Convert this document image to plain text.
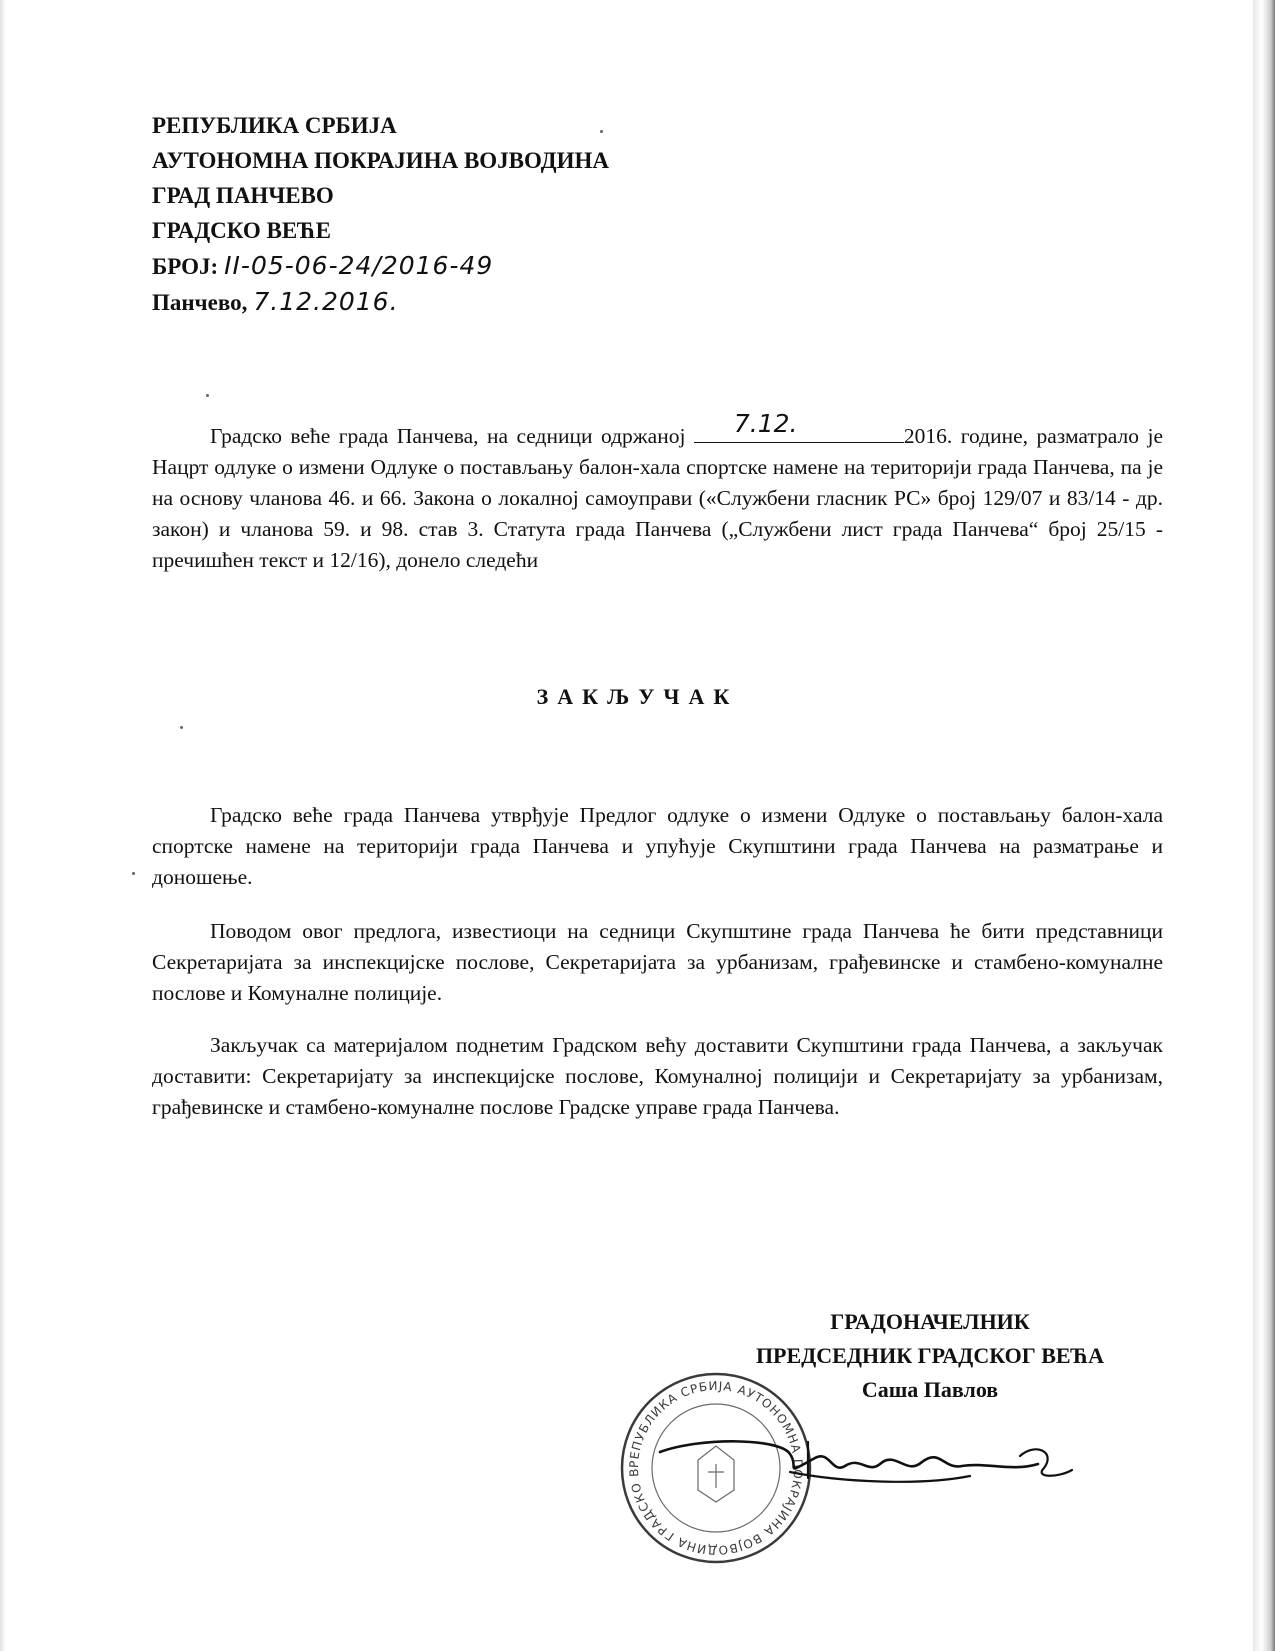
РЕПУБЛИКА СРБИЈА
АУТОНОМНА ПОКРАЈИНА ВОЈВОДИНА
ГРАД ПАНЧЕВО
ГРАДСКО ВЕЋЕ
БРОЈ: II-05-06-24/2016-49
Панчево, 7.12.2016.
Градско веће града Панчева, на седници одржаној 7.12.	2016. године, разматрало је Нацрт одлуке о измени Одлуке о постављању балон-хала спортске намене на територији града Панчева, па је на основу чланова 46. и 66. Закона о локалној самоуправи («Службени гласник РС» број 129/07 и 83/14 - др. закон) и чланова 59. и 98. став 3. Статута града Панчева („Службени лист града Панчева“ број 25/15 - пречишћен текст и 12/16), донело следећи
ЗАКЉУЧАК
Градско веће града Панчева утврђује Предлог одлуке о измени Одлуке о постављању балон-хала спортске намене на територији града Панчева и упућује Скупштини града Панчева на разматрање и доношење.
Поводом овог предлога, известиоци на седници Скупштине града Панчева ће бити представници Секретаријата за инспекцијске послове, Секретаријата за урбанизам, грађевинске и стамбено-комуналне послове и Комуналне полиције.
Закључак са материјалом поднетим Градском већу доставити Скупштини града Панчева, а закључак доставити: Секретаријату за инспекцијске послове, Комуналној полицији и Секретаријату за урбанизам, грађевинске и стамбено-комуналне послове Градске управе града Панчева.
РЕПУБЛИКА СРБИЈА АУТОНОМНА ПОКРАЈИНА ВОЈВОДИНА ГРАДСКО В
ГРАДОНАЧЕЛНИК
ПРЕДСЕДНИК ГРАДСКОГ ВЕЋА
Саша Павлов
